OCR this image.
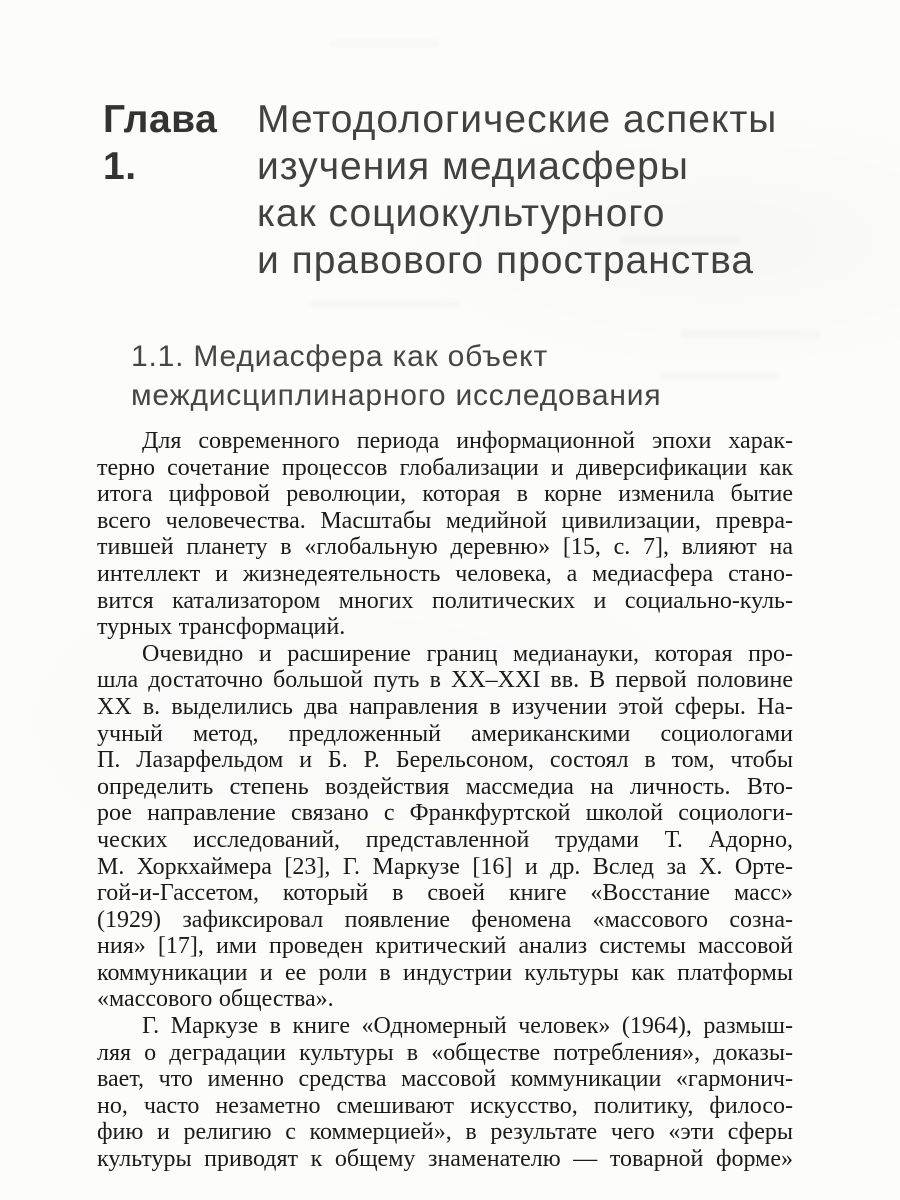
Глава 1.
Методологические аспекты
изучения медиасферы
как социокультурного
и правового пространства
1.1. Медиасфера как объект
междисциплинарного исследования
Для современного периода информационной эпохи харак-
терно сочетание процессов глобализации и диверсификации как
итога цифровой революции, которая в корне изменила бытие
всего человечества. Масштабы медийной цивилизации, превра-
тившей планету в «глобальную деревню» [15, с. 7], влияют на
интеллект и жизнедеятельность человека, а медиасфера стано-
вится катализатором многих политических и социально-куль-
турных трансформаций.
Очевидно и расширение границ медианауки, которая про-
шла достаточно большой путь в XX–XXI вв. В первой половине
XX в. выделились два направления в изучении этой сферы. На-
учный метод, предложенный американскими социологами
П. Лазарфельдом и Б. Р. Берельсоном, состоял в том, чтобы
определить степень воздействия массмедиа на личность. Вто-
рое направление связано с Франкфуртской школой социологи-
ческих исследований, представленной трудами Т. Адорно,
М. Хоркхаймера [23], Г. Маркузе [16] и др. Вслед за Х. Орте-
гой-и-Гассетом, который в своей книге «Восстание масс»
(1929) зафиксировал появление феномена «массового созна-
ния» [17], ими проведен критический анализ системы массовой
коммуникации и ее роли в индустрии культуры как платформы
«массового общества».
Г. Маркузе в книге «Одномерный человек» (1964), размыш-
ляя о деградации культуры в «обществе потребления», доказы-
вает, что именно средства массовой коммуникации «гармонич-
но, часто незаметно смешивают искусство, политику, филосо-
фию и религию с коммерцией», в результате чего «эти сферы
культуры приводят к общему знаменателю — товарной форме»
